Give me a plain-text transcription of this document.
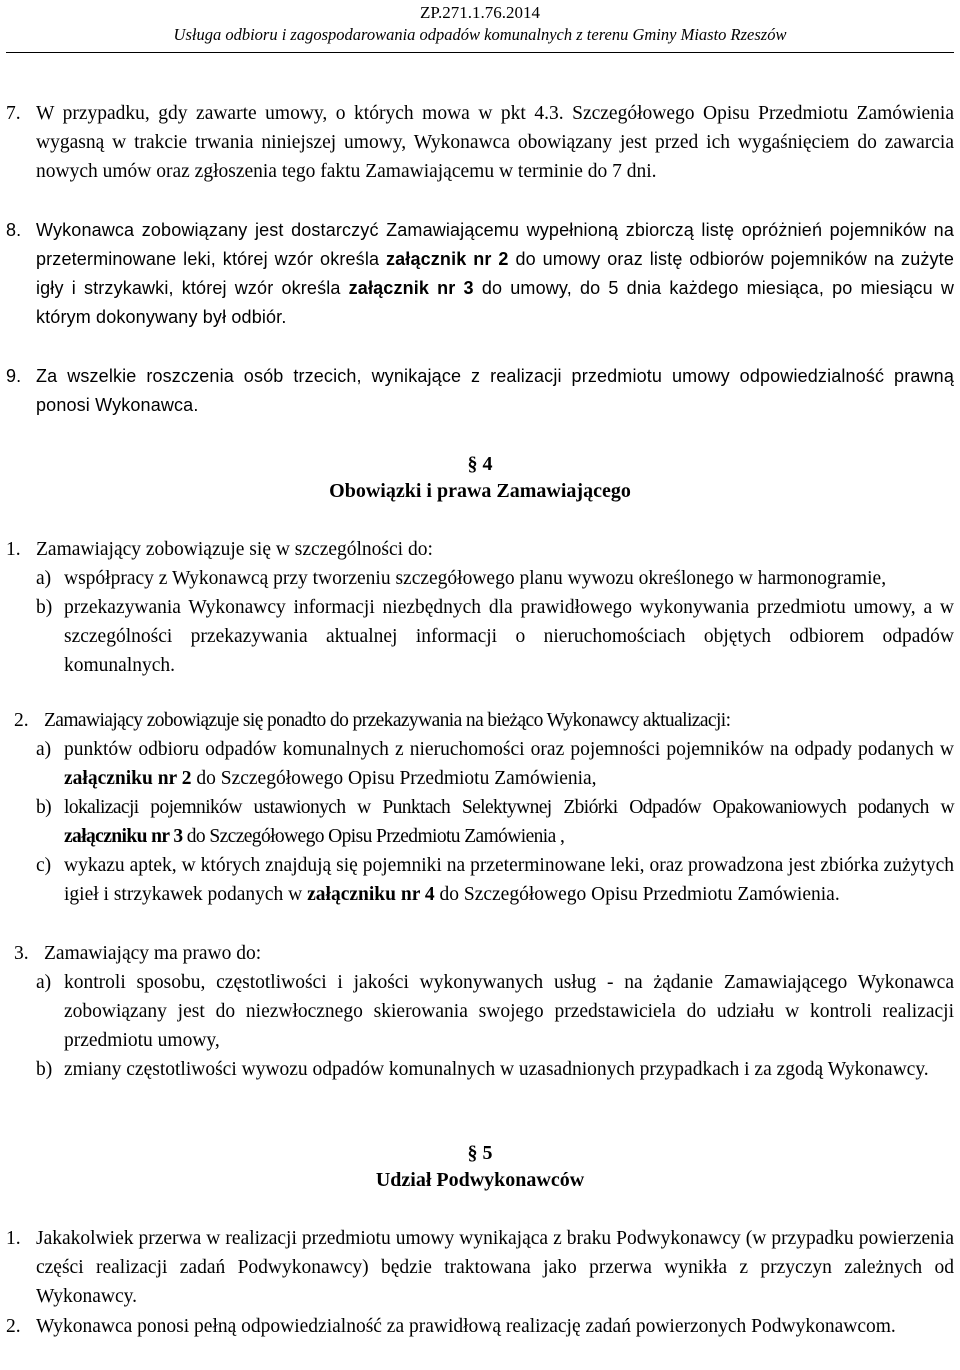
ZP.271.1.76.2014
Usługa odbioru i zagospodarowania odpadów komunalnych z terenu Gminy Miasto Rzeszów
7. W przypadku, gdy zawarte umowy, o których mowa w pkt 4.3. Szczegółowego Opisu Przedmiotu Zamówienia wygasną w trakcie trwania niniejszej umowy, Wykonawca obowiązany jest przed ich wygaśnięciem do zawarcia nowych umów oraz zgłoszenia tego faktu Zamawiającemu w terminie do 7 dni.
8. Wykonawca zobowiązany jest dostarczyć Zamawiającemu wypełnioną zbiorczą listę opróżnień pojemników na przeterminowane leki, której wzór określa załącznik nr 2 do umowy oraz listę odbiorów pojemników na zużyte igły i strzykawki, której wzór określa załącznik nr 3 do umowy, do 5 dnia każdego miesiąca, po miesiącu w którym dokonywany był odbiór.
9. Za wszelkie roszczenia osób trzecich, wynikające z realizacji przedmiotu umowy odpowiedzialność prawną ponosi Wykonawca.
§ 4
Obowiązki i prawa Zamawiającego
1. Zamawiający zobowiązuje się w szczególności do:
a) współpracy z Wykonawcą przy tworzeniu szczegółowego planu wywozu określonego w harmonogramie,
b) przekazywania Wykonawcy informacji niezbędnych dla prawidłowego wykonywania przedmiotu umowy, a w szczególności przekazywania aktualnej informacji o nieruchomościach objętych odbiorem odpadów komunalnych.
2. Zamawiający zobowiązuje się ponadto do przekazywania na bieżąco Wykonawcy aktualizacji:
a) punktów odbioru odpadów komunalnych z nieruchomości oraz pojemności pojemników na odpady podanych w załączniku nr 2 do Szczegółowego Opisu Przedmiotu Zamówienia,
b) lokalizacji pojemników ustawionych w Punktach Selektywnej Zbiórki Odpadów Opakowaniowych podanych w załączniku nr 3 do Szczegółowego Opisu Przedmiotu Zamówienia ,
c) wykazu aptek, w których znajdują się pojemniki na przeterminowane leki, oraz prowadzona jest zbiórka zużytych igieł i strzykawek podanych w załączniku nr 4 do Szczegółowego Opisu Przedmiotu Zamówienia.
3. Zamawiający ma prawo do:
a) kontroli sposobu, częstotliwości i jakości wykonywanych usług - na żądanie Zamawiającego Wykonawca zobowiązany jest do niezwłocznego skierowania swojego przedstawiciela do udziału w kontroli realizacji przedmiotu umowy,
b) zmiany częstotliwości wywozu odpadów komunalnych w uzasadnionych przypadkach i za zgodą Wykonawcy.
§ 5
Udział Podwykonawców
1. Jakakolwiek przerwa w realizacji przedmiotu umowy wynikająca z braku Podwykonawcy (w przypadku powierzenia części realizacji zadań Podwykonawcy) będzie traktowana jako przerwa wynikła z przyczyn zależnych od Wykonawcy.
2. Wykonawca ponosi pełną odpowiedzialność za prawidłową realizację zadań powierzonych Podwykonawcom.
